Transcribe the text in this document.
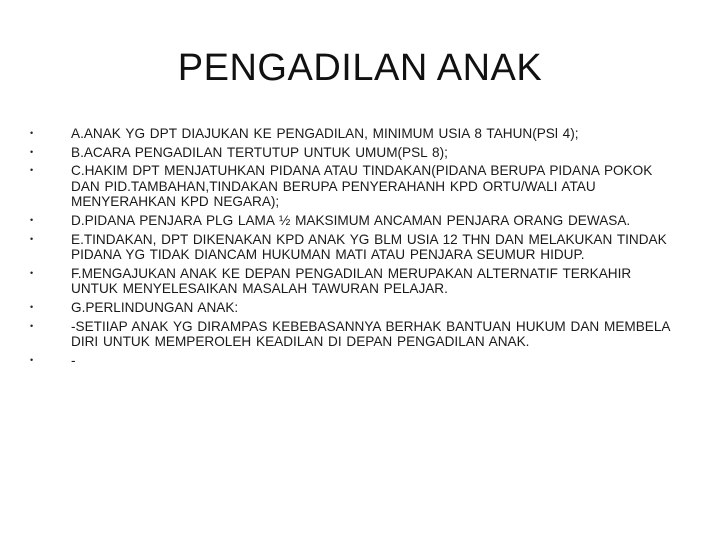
PENGADILAN ANAK
•	A.ANAK YG DPT DIAJUKAN KE PENGADILAN, MINIMUM USIA 8 TAHUN(PSl 4);
•	B.ACARA PENGADILAN TERTUTUP UNTUK UMUM(PSL 8);
•	C.HAKIM DPT MENJATUHKAN PIDANA ATAU TINDAKAN(PIDANA BERUPA PIDANA POKOK DAN PID.TAMBAHAN,TINDAKAN BERUPA PENYERAHANH KPD ORTU/WALI ATAU MENYERAHKAN KPD NEGARA);
•	D.PIDANA PENJARA PLG LAMA ½ MAKSIMUM ANCAMAN PENJARA ORANG DEWASA.
•	E.TINDAKAN, DPT DIKENAKAN KPD ANAK YG BLM USIA 12 THN DAN MELAKUKAN TINDAK PIDANA YG TIDAK DIANCAM HUKUMAN MATI ATAU PENJARA SEUMUR HIDUP.
•	F.MENGAJUKAN ANAK KE DEPAN PENGADILAN MERUPAKAN ALTERNATIF TERKAHIR UNTUK MENYELESAIKAN MASALAH TAWURAN PELAJAR.
•	G.PERLINDUNGAN ANAK:
•	-SETIIAP ANAK YG DIRAMPAS KEBEBASANNYA BERHAK BANTUAN HUKUM DAN MEMBELA DIRI UNTUK MEMPEROLEH KEADILAN DI DEPAN PENGADILAN ANAK.
•	-
